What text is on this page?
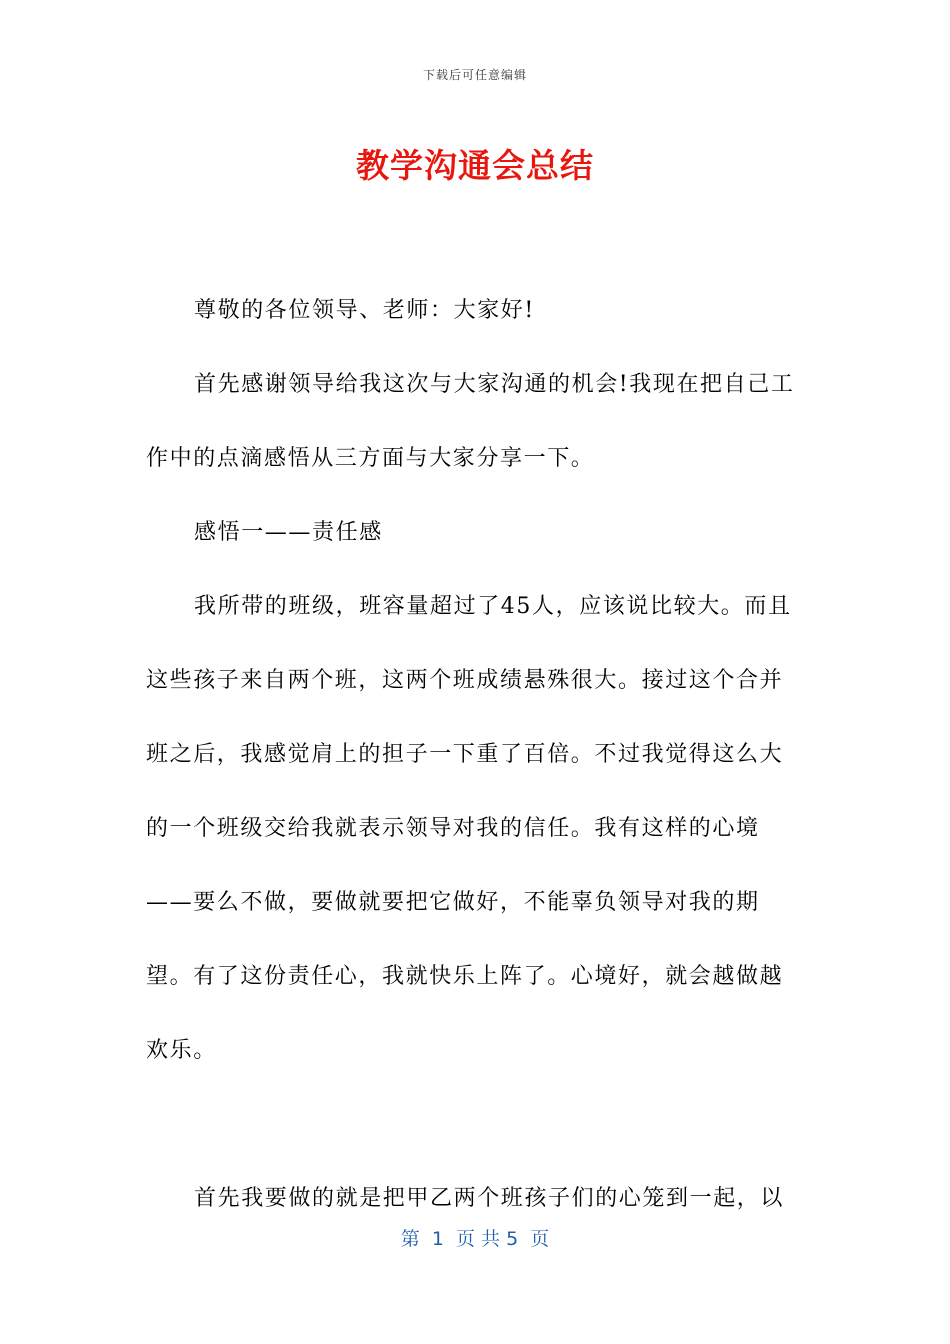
下载后可任意编辑
教学沟通会总结

尊敬的各位领导、老师：大家好!

首先感谢领导给我这次与大家沟通的机会!我现在把自己工作中的点滴感悟从三方面与大家分享一下。

感悟一——责任感

我所带的班级，班容量超过了45人，应该说比较大。而且这些孩子来自两个班，这两个班成绩悬殊很大。接过这个合并班之后，我感觉肩上的担子一下重了百倍。不过我觉得这么大的一个班级交给我就表示领导对我的信任。我有这样的心境——要么不做，要做就要把它做好，不能辜负领导对我的期望。有了这份责任心，我就快乐上阵了。心境好，就会越做越欢乐。

首先我要做的就是把甲乙两个班孩子们的心笼到一起，以

第  1  页 共 5  页
